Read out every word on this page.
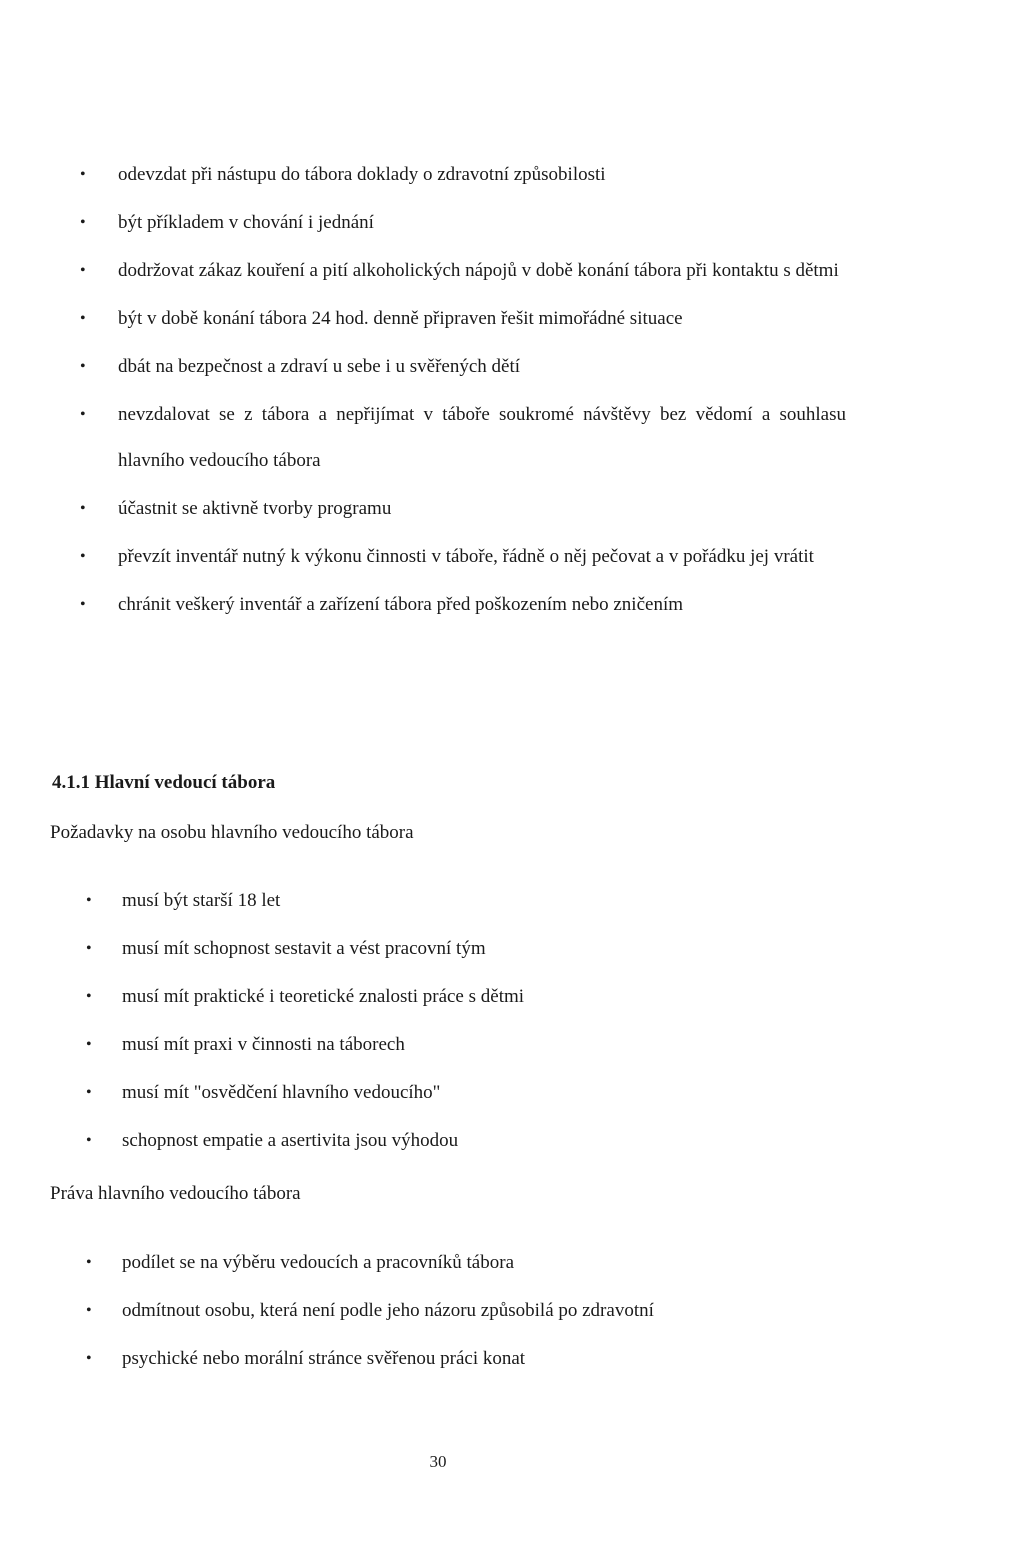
• odevzdat při nástupu do tábora doklady o zdravotní způsobilosti
• být příkladem v chování i jednání
• dodržovat zákaz kouření a pití alkoholických nápojů v době konání tábora při kontaktu s dětmi
• být v době konání tábora 24 hod. denně připraven řešit mimořádné situace
• dbát na bezpečnost a zdraví u sebe i u svěřených dětí
• nevzdalovat se z tábora a nepřijímat v táboře soukromé návštěvy bez vědomí a souhlasu hlavního vedoucího tábora
• účastnit se aktivně tvorby programu
• převzít inventář nutný k výkonu činnosti v táboře, řádně o něj pečovat a v pořádku jej vrátit
• chránit veškerý inventář a zařízení tábora před poškozením nebo zničením
4.1.1 Hlavní vedoucí tábora

Požadavky na osobu hlavního vedoucího tábora

• musí být starší 18 let
• musí mít schopnost sestavit a vést pracovní tým
• musí mít praktické i teoretické znalosti práce s dětmi
• musí mít praxi v činnosti na táborech
• musí mít "osvědčení hlavního vedoucího"
• schopnost empatie a asertivita jsou výhodou

Práva hlavního vedoucího tábora

• podílet se na výběru vedoucích a pracovníků tábora
• odmítnout osobu, která není podle jeho názoru způsobilá po zdravotní
• psychické nebo morální stránce svěřenou práci konat
30
